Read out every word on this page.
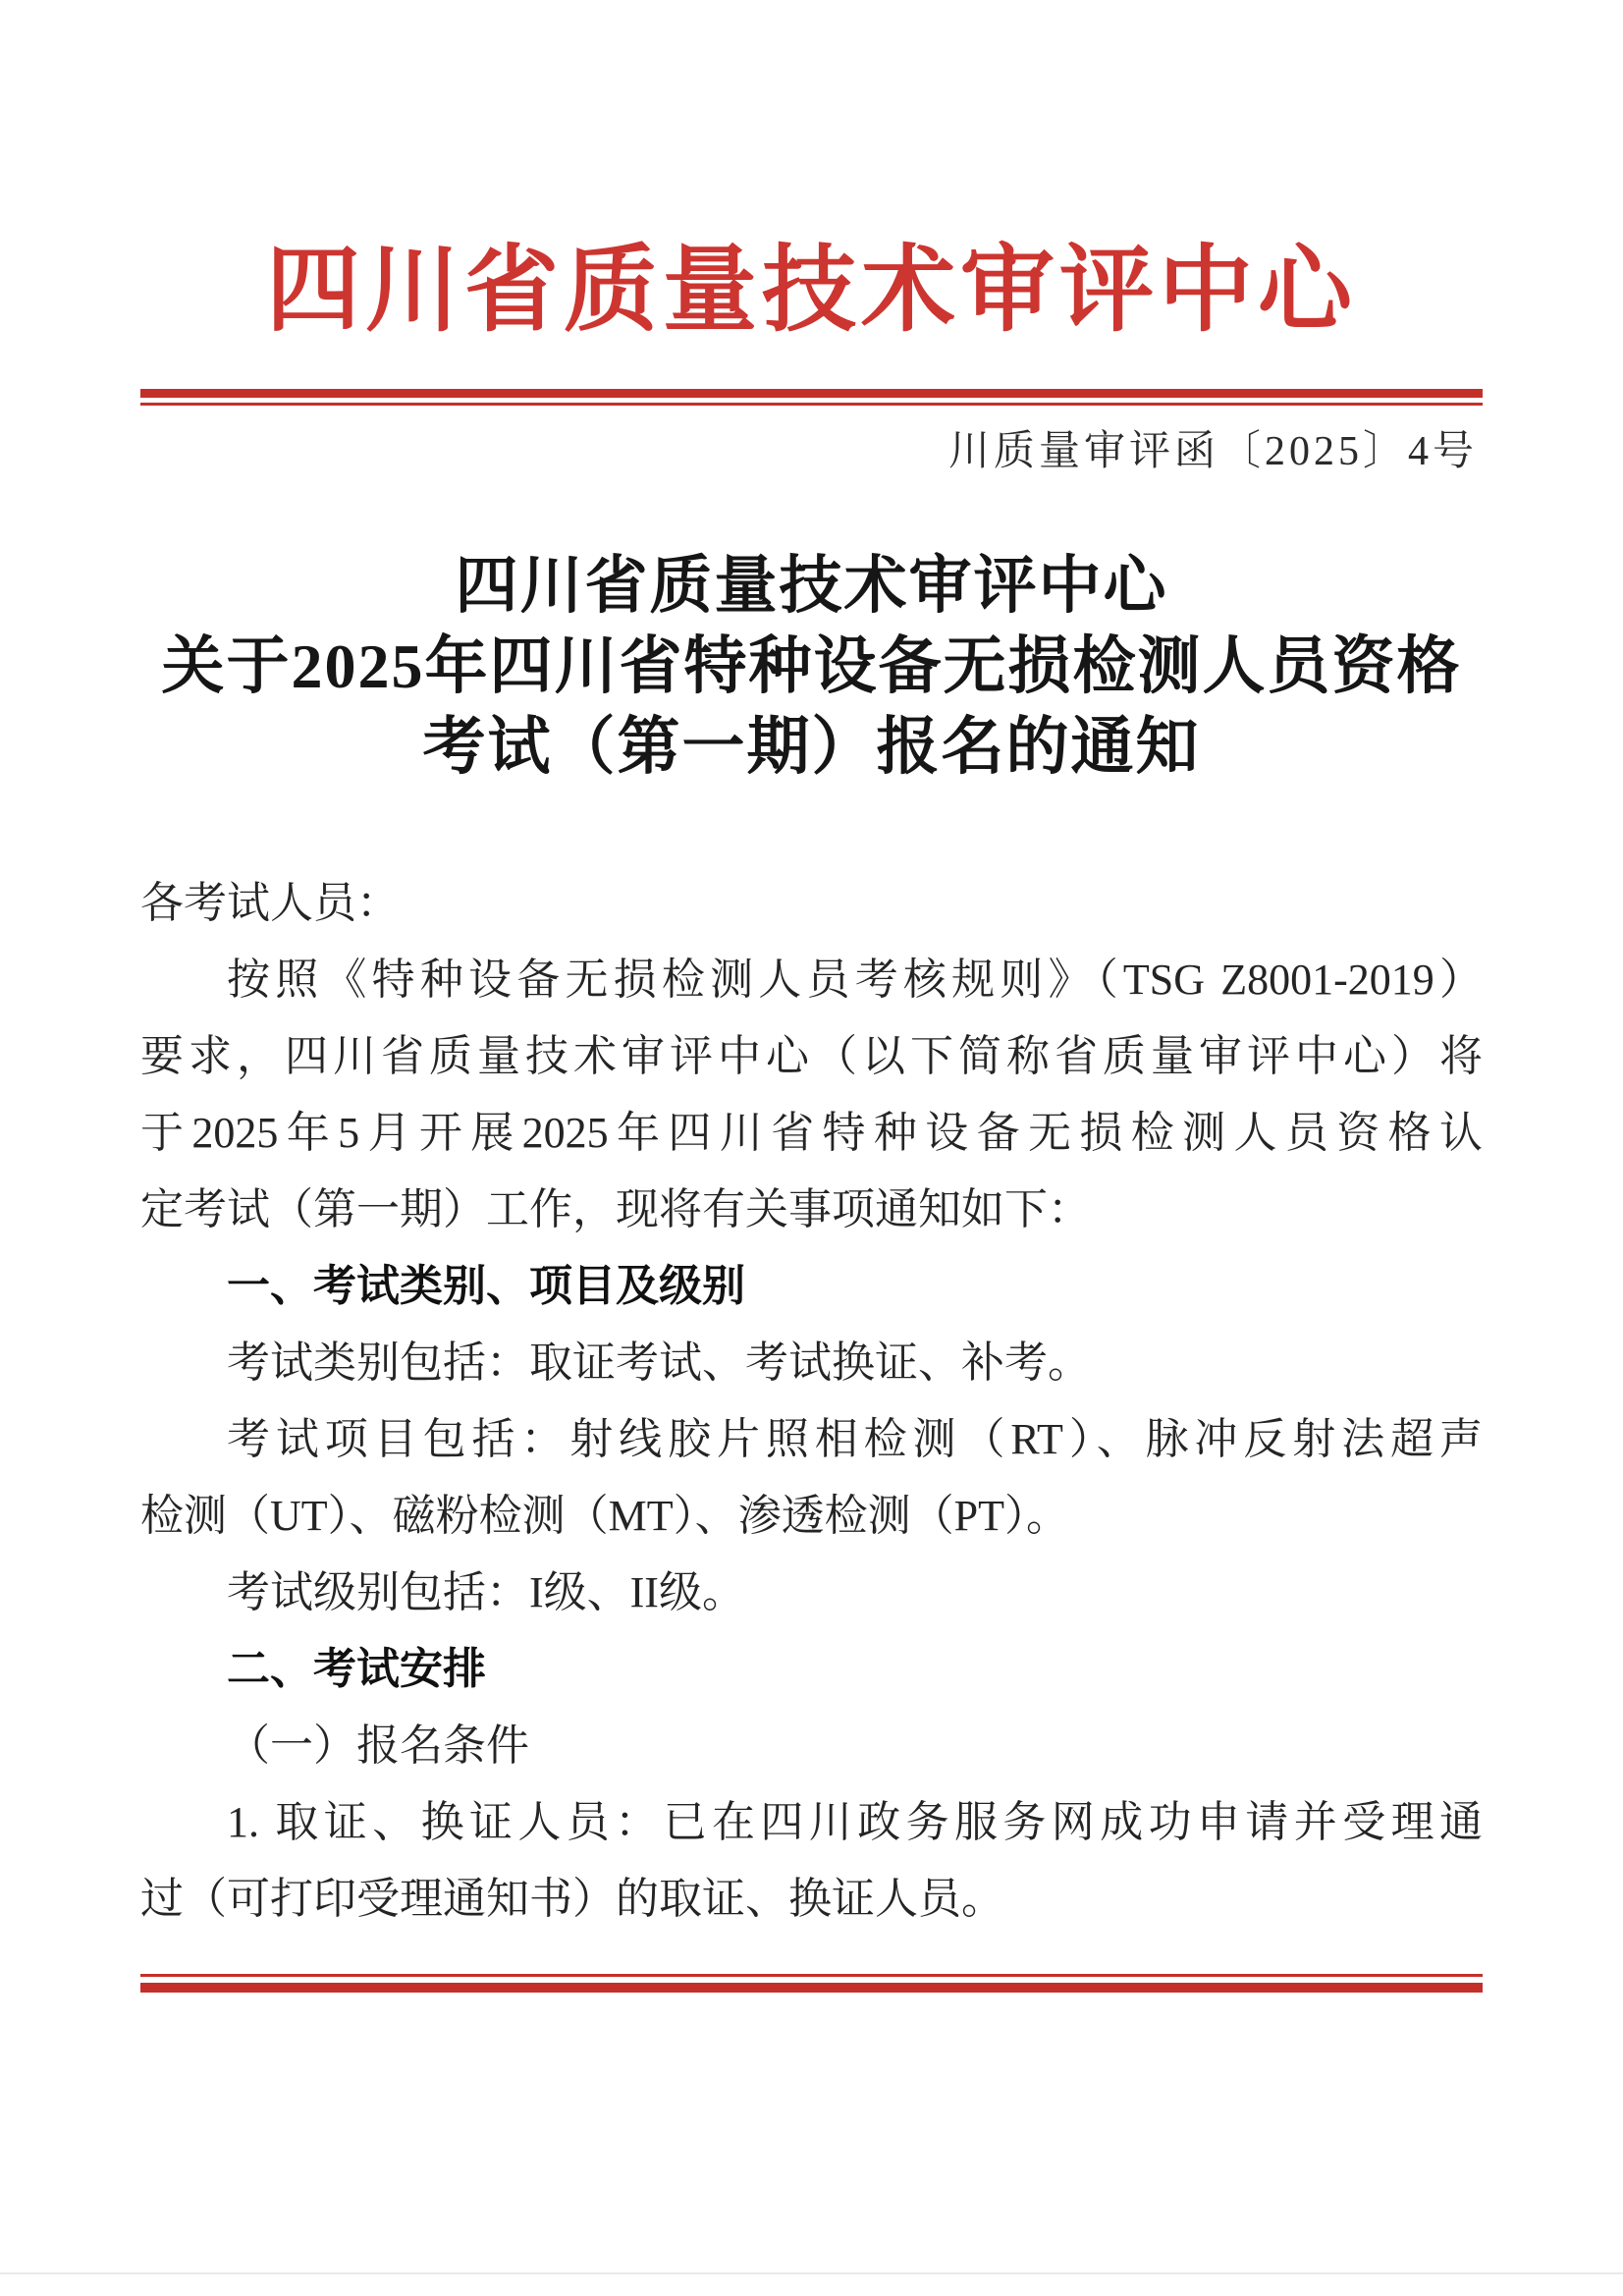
四川省质量技术审评中心
川质量审评函〔2025〕4号
四川省质量技术审评中心
关于2025年四川省特种设备无损检测人员资格
考试（第一期）报名的通知
各考试人员：
按照《特种设备无损检测人员考核规则》（TSG Z8001-2019）
要求，四川省质量技术审评中心（以下简称省质量审评中心）将
于2025年5月开展2025年四川省特种设备无损检测人员资格认
定考试（第一期）工作，现将有关事项通知如下：
一、考试类别、项目及级别
考试类别包括：取证考试、考试换证、补考。
考试项目包括：射线胶片照相检测（RT）、脉冲反射法超声
检测（UT）、磁粉检测（MT）、渗透检测（PT）。
考试级别包括：I级、II级。
二、考试安排
（一）报名条件
1. 取证、换证人员：已在四川政务服务网成功申请并受理通
过（可打印受理通知书）的取证、换证人员。
